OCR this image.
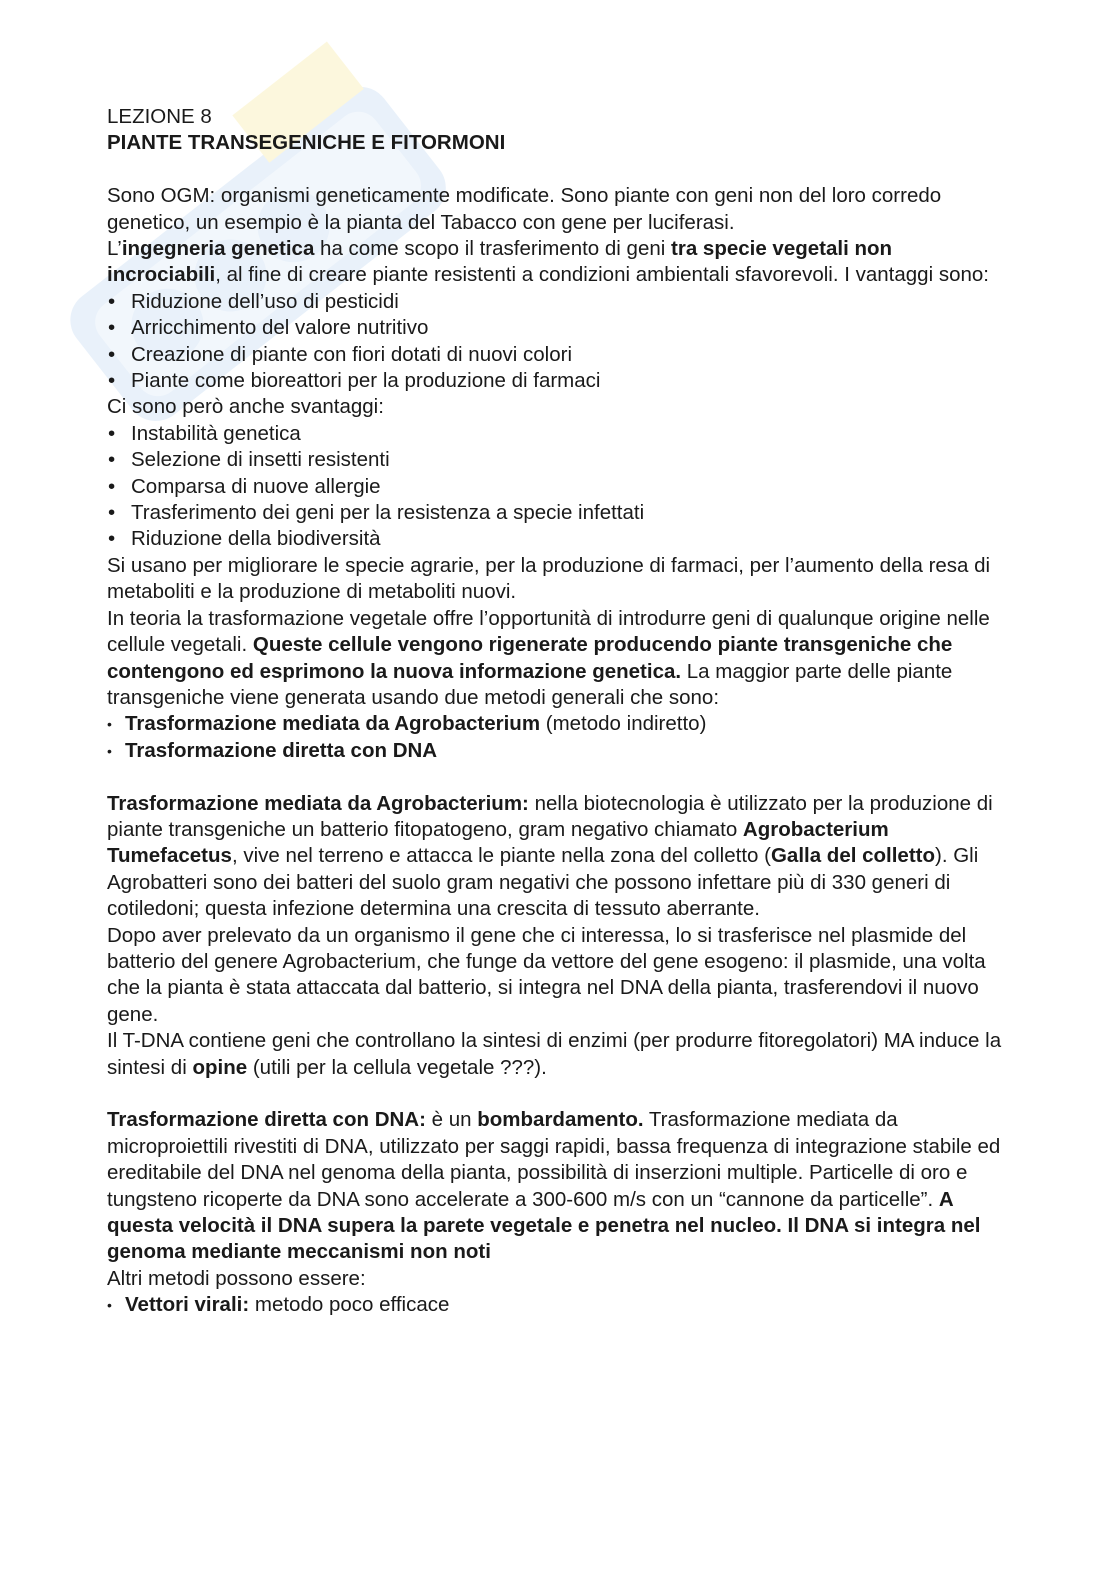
LEZIONE 8

PIANTE TRANSEGENICHE E FITORMONI

Sono OGM: organismi geneticamente modificate. Sono piante con geni non del loro corredo genetico, un esempio è la pianta del Tabacco con gene per luciferasi.

L’ingegneria genetica ha come scopo il trasferimento di geni tra specie vegetali non incrociabili, al fine di creare piante resistenti a condizioni ambientali sfavorevoli. I vantaggi sono:

• Riduzione dell’uso di pesticidi
• Arricchimento del valore nutritivo
• Creazione di piante con fiori dotati di nuovi colori
• Piante come bioreattori per la produzione di farmaci

Ci sono però anche svantaggi:

• Instabilità genetica
• Selezione di insetti resistenti
• Comparsa di nuove allergie
• Trasferimento dei geni per la resistenza a specie infettati
• Riduzione della biodiversità

Si usano per migliorare le specie agrarie, per la produzione di farmaci, per l’aumento della resa di metaboliti e la produzione di metaboliti nuovi.

In teoria la trasformazione vegetale offre l’opportunità di introdurre geni di qualunque origine nelle cellule vegetali. Queste cellule vengono rigenerate producendo piante transgeniche che contengono ed esprimono la nuova informazione genetica. La maggior parte delle piante transgeniche viene generata usando due metodi generali che sono:

• Trasformazione mediata da Agrobacterium (metodo indiretto)
• Trasformazione diretta con DNA

Trasformazione mediata da Agrobacterium: nella biotecnologia è utilizzato per la produzione di piante transgeniche un batterio fitopatogeno, gram negativo chiamato Agrobacterium Tumefacetus, vive nel terreno e attacca le piante nella zona del colletto (Galla del colletto). Gli Agrobatteri sono dei batteri del suolo gram negativi che possono infettare più di 330 generi di cotiledoni; questa infezione determina una crescita di tessuto aberrante.

Dopo aver prelevato da un organismo il gene che ci interessa, lo si trasferisce nel plasmide del batterio del genere Agrobacterium, che funge da vettore del gene esogeno: il plasmide, una volta che la pianta è stata attaccata dal batterio, si integra nel DNA della pianta, trasferendovi il nuovo gene.

Il T-DNA contiene geni che controllano la sintesi di enzimi (per produrre fitoregolatori) MA induce la sintesi di opine (utili per la cellula vegetale ???).

Trasformazione diretta con DNA: è un bombardamento. Trasformazione mediata da microproiettili rivestiti di DNA, utilizzato per saggi rapidi, bassa frequenza di integrazione stabile ed ereditabile del DNA nel genoma della pianta, possibilità di inserzioni multiple. Particelle di oro e tungsteno ricoperte da DNA sono accelerate a 300-600 m/s con un “cannone da particelle”. A questa velocità il DNA supera la parete vegetale e penetra nel nucleo. Il DNA si integra nel genoma mediante meccanismi non noti

Altri metodi possono essere:

• Vettori virali: metodo poco efficace
